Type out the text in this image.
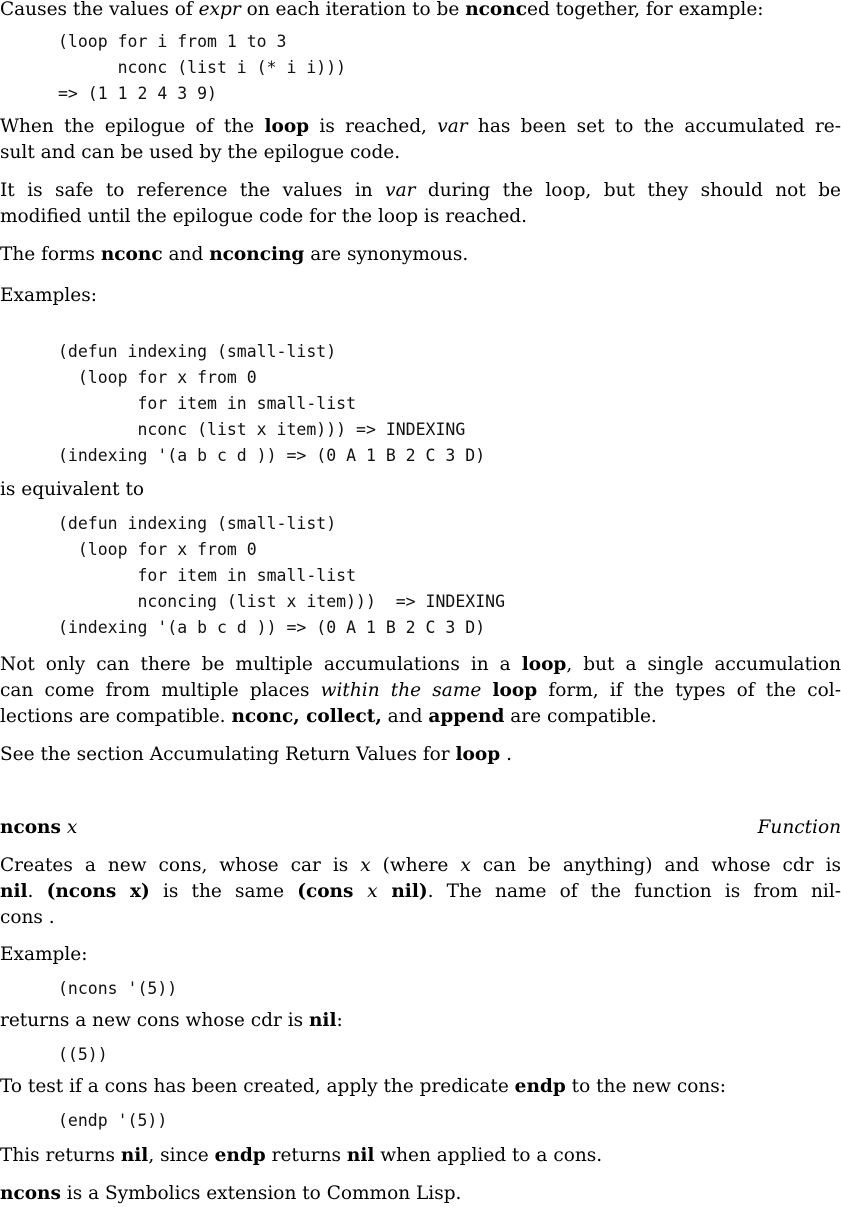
Causes the values of expr on each iteration to be nconced together, for example:

(loop for i from 1 to 3
nconc (list i (* i i)))
=> (1 1 2 4 3 9)

When the epilogue of the loop is reached, var has been set to the accumulated re-
sult and can be used by the epilogue code.

It is safe to reference the values in var during the loop, but they should not be
modified until the epilogue code for the loop is reached.

The forms nconc and nconcing are synonymous.

Examples:

(defun indexing (small-list)
(loop for x from 0
for item in small-list
nconc (list x item))) => INDEXING
(indexing '(a b c d )) => (0 A 1 B 2 C 3 D)

is equivalent to

(defun indexing (small-list)
(loop for x from 0
for item in small-list
nconcing (list x item)))  => INDEXING
(indexing '(a b c d )) => (0 A 1 B 2 C 3 D)

Not only can there be multiple accumulations in a loop, but a single accumulation
can come from multiple places within the same loop form, if the types of the col-
lections are compatible. nconc, collect, and append are compatible.

See the section Accumulating Return Values for loop .

ncons x	Function

Creates a new cons, whose car is x (where x can be anything) and whose cdr is
nil. (ncons x) is the same (cons x nil). The name of the function is from nil-
cons .

Example:

(ncons '(5))

returns a new cons whose cdr is nil:

((5))

To test if a cons has been created, apply the predicate endp to the new cons:

(endp '(5))

This returns nil, since endp returns nil when applied to a cons.

ncons is a Symbolics extension to Common Lisp.
